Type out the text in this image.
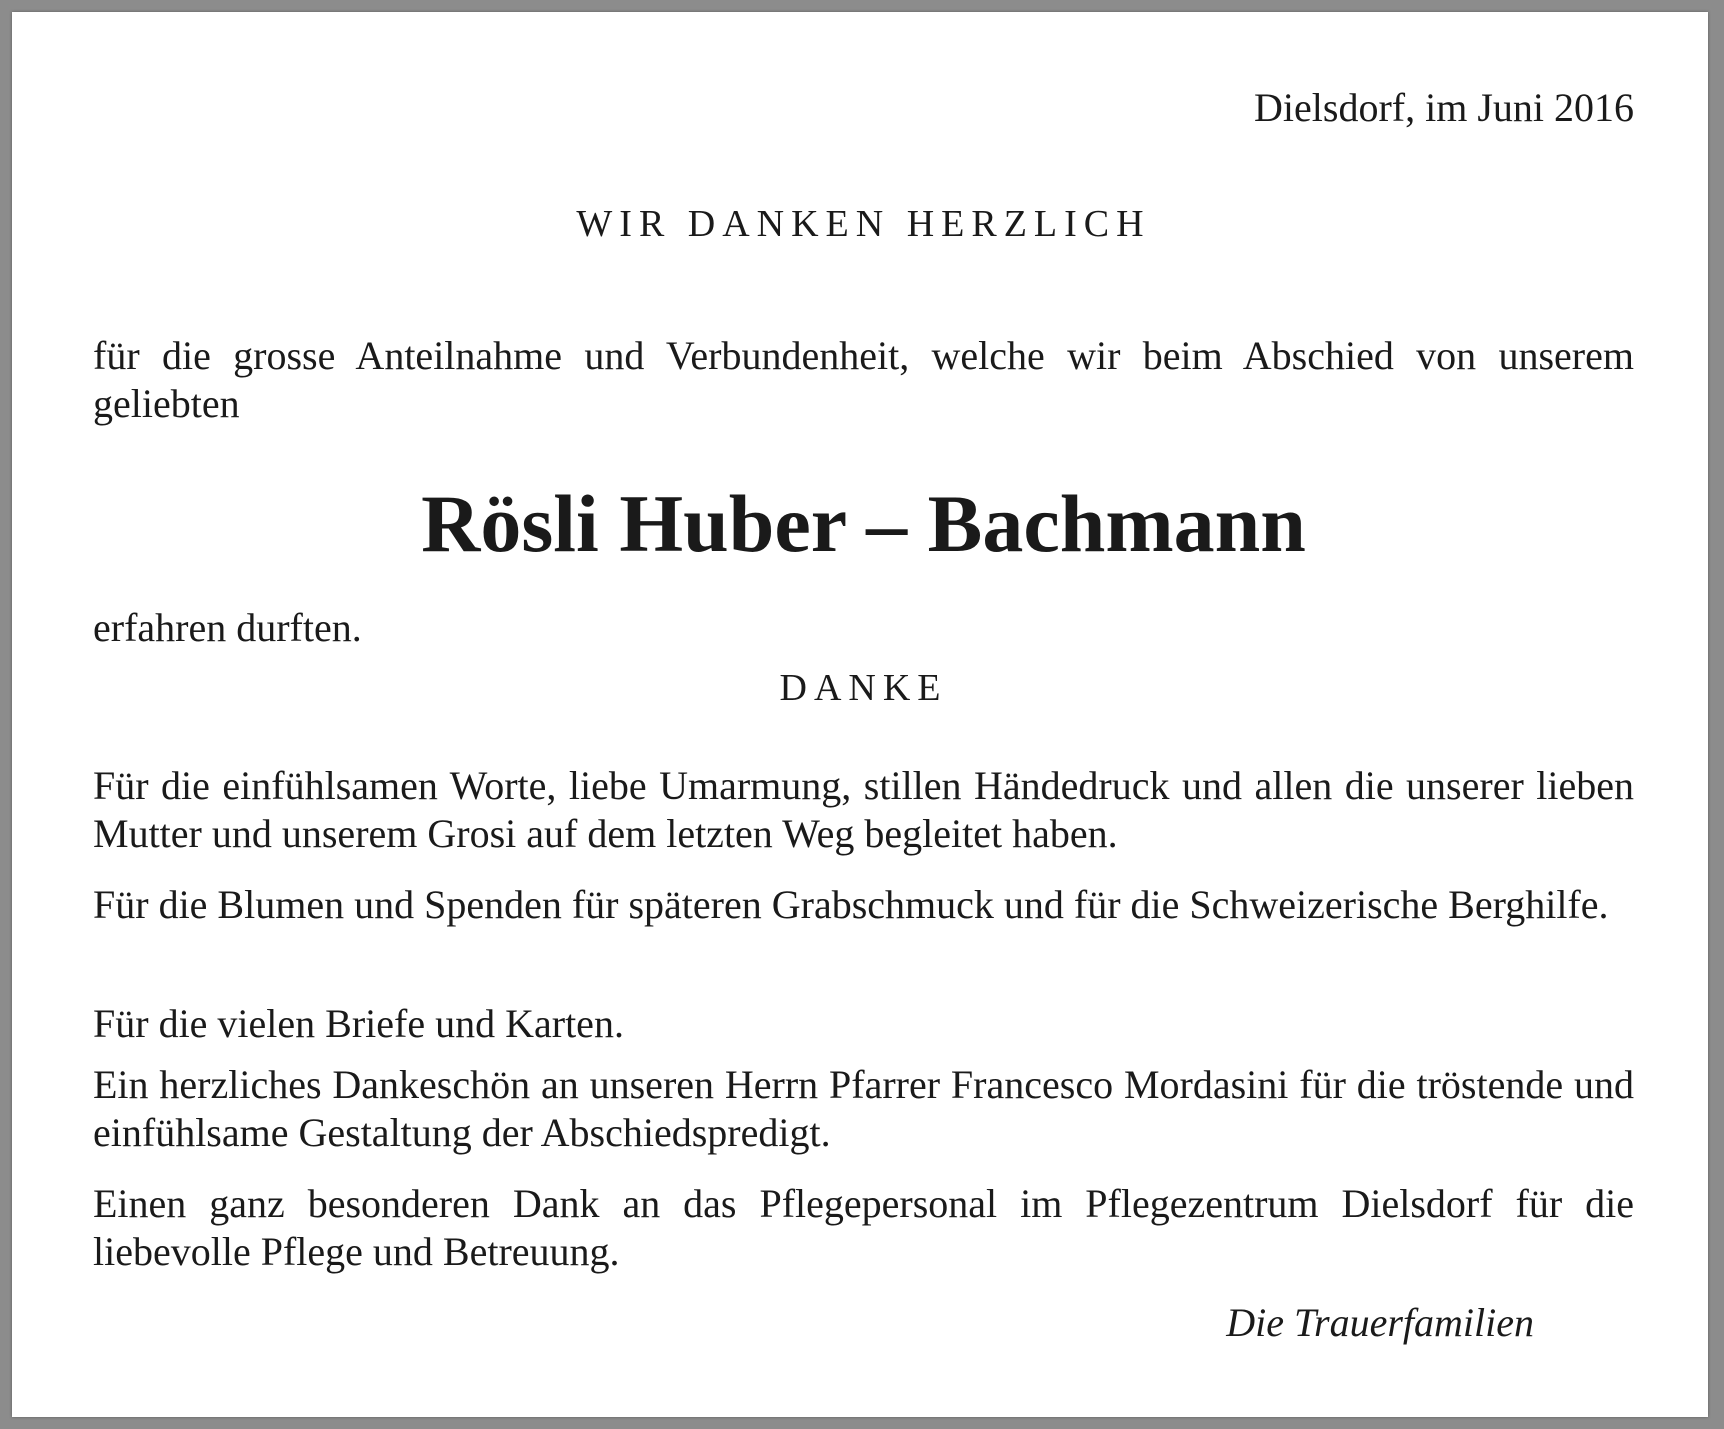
Dielsdorf, im Juni 2016
WIR DANKEN HERZLICH

für die grosse Anteilnahme und Verbundenheit, welche wir beim Abschied von unserem geliebten

Rösli Huber – Bachmann

erfahren durften.

DANKE

Für die einfühlsamen Worte, liebe Umarmung, stillen Händedruck und allen die unserer lieben Mutter und unserem Grosi auf dem letzten Weg begleitet haben.

Für die Blumen und Spenden für späteren Grabschmuck und für die Schweizerische Berghilfe.

Für die vielen Briefe und Karten.

Ein herzliches Dankeschön an unseren Herrn Pfarrer Francesco Mordasini für die tröstende und einfühlsame Gestaltung der Abschiedspredigt.

Einen ganz besonderen Dank an das Pflegepersonal im Pflegezentrum Dielsdorf für die liebevolle Pflege und Betreuung.

Die Trauerfamilien
